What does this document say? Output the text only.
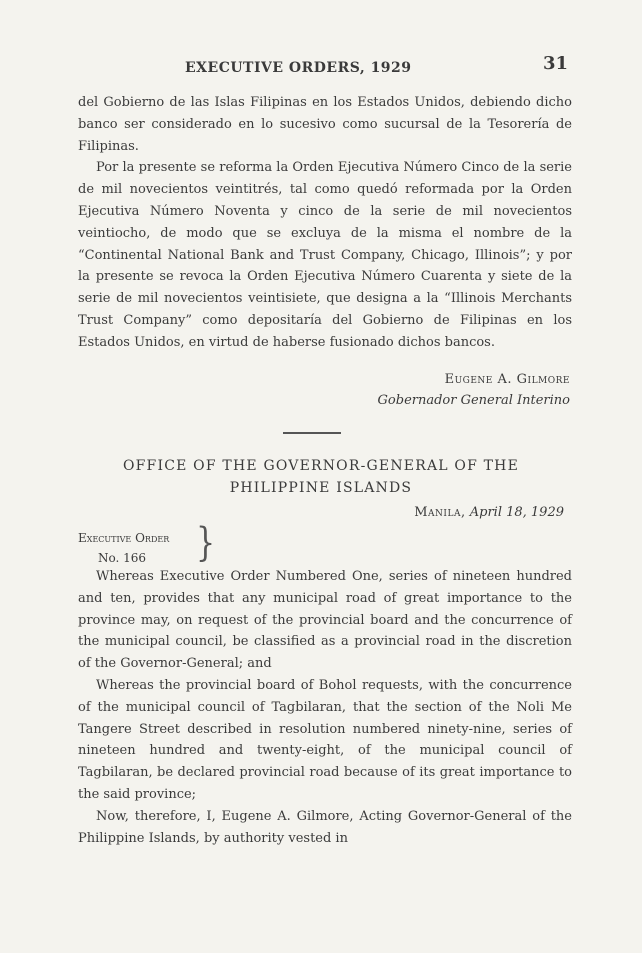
EXECUTIVE ORDERS, 1929	31

del Gobierno de las Islas Filipinas en los Estados Unidos, debiendo dicho banco ser considerado en lo sucesivo como sucursal de la Tesorería de Filipinas.

Por la presente se reforma la Orden Ejecutiva Número Cinco de la serie de mil novecientos veintitrés, tal como quedó reformada por la Orden Ejecutiva Número Noventa y cinco de la serie de mil novecientos veintiocho, de modo que se excluya de la misma el nombre de la “Continental National Bank and Trust Company, Chicago, Illinois”; y por la presente se revoca la Orden Ejecutiva Número Cuarenta y siete de la serie de mil novecientos veintisiete, que designa a la “Illinois Merchants Trust Company” como depositaría del Gobierno de Filipinas en los Estados Unidos, en virtud de haberse fusionado dichos bancos.

Eugene A. Gilmore
Gobernador General Interino
OFFICE OF THE GOVERNOR-GENERAL OF THE
PHILIPPINE ISLANDS
Manila, April 18, 1929
Executive Order
No. 166	}

Whereas Executive Order Numbered One, series of nineteen hundred and ten, provides that any municipal road of great importance to the province may, on request of the provincial board and the concurrence of the municipal council, be classified as a provincial road in the discretion of the Governor-General; and

Whereas the provincial board of Bohol requests, with the concurrence of the municipal council of Tagbilaran, that the section of the Noli Me Tangere Street described in resolution numbered ninety-nine, series of nineteen hundred and twenty-eight, of the municipal council of Tagbilaran, be declared provincial road because of its great importance to the said province;

Now, therefore, I, Eugene A. Gilmore, Acting Governor-General of the Philippine Islands, by authority vested in
